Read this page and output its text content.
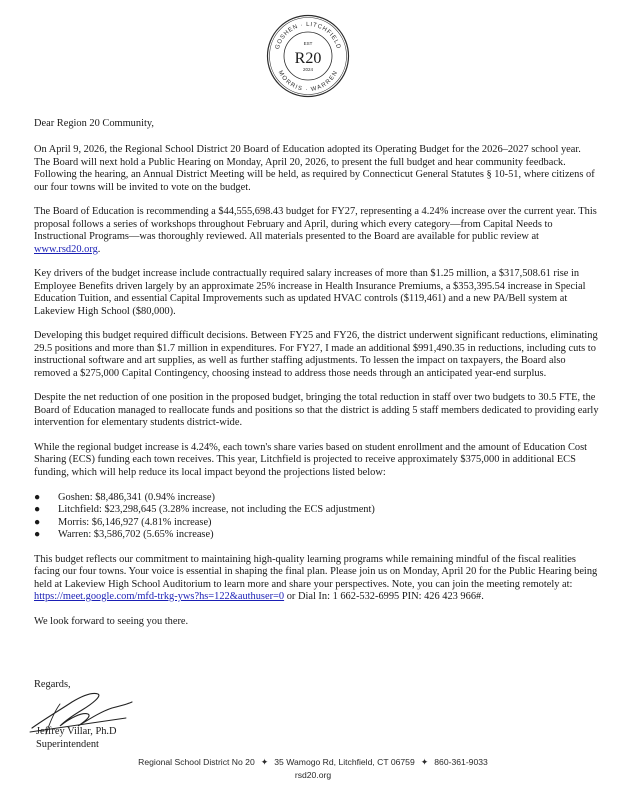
GOSHEN · LITCHFIELD
MORRIS · WARREN
EST
R20
2024
Dear Region 20 Community,

On April 9, 2026, the Regional School District 20 Board of Education adopted its Operating Budget for the 2026–2027 school year. The Board will next hold a Public Hearing on Monday, April 20, 2026, to present the full budget and hear community feedback. Following the hearing, an Annual District Meeting will be held, as required by Connecticut General Statutes § 10-51, where citizens of our four towns will be invited to vote on the budget.

The Board of Education is recommending a $44,555,698.43 budget for FY27, representing a 4.24% increase over the current year. This proposal follows a series of workshops throughout February and April, during which every category—from Capital Needs to Instructional Programs—was thoroughly reviewed. All materials presented to the Board are available for public review at www.rsd20.org.

Key drivers of the budget increase include contractually required salary increases of more than $1.25 million, a $317,508.61 rise in Employee Benefits driven largely by an approximate 25% increase in Health Insurance Premiums, a $353,395.54 increase in Special Education Tuition, and essential Capital Improvements such as updated HVAC controls ($119,461) and a new PA/Bell system at Lakeview High School ($80,000).

Developing this budget required difficult decisions. Between FY25 and FY26, the district underwent significant reductions, eliminating 29.5 positions and more than $1.7 million in expenditures. For FY27, I made an additional $991,490.35 in reductions, including cuts to instructional software and art supplies, as well as further staffing adjustments. To lessen the impact on taxpayers, the Board also removed a $275,000 Capital Contingency, choosing instead to address those needs through an anticipated year-end surplus.

Despite the net reduction of one position in the proposed budget, bringing the total reduction in staff over two budgets to 30.5 FTE, the Board of Education managed to reallocate funds and positions so that the district is adding 5 staff members dedicated to providing early intervention for elementary students district-wide.

While the regional budget increase is 4.24%, each town's share varies based on student enrollment and the amount of Education Cost Sharing (ECS) funding each town receives. This year, Litchfield is projected to receive approximately $375,000 in additional ECS funding, which will help reduce its local impact beyond the projections listed below:

● Goshen: $8,486,341 (0.94% increase)
● Litchfield: $23,298,645 (3.28% increase, not including the ECS adjustment)
● Morris: $6,146,927 (4.81% increase)
● Warren: $3,586,702 (5.65% increase)

This budget reflects our commitment to maintaining high-quality learning programs while remaining mindful of the fiscal realities facing our four towns. Your voice is essential in shaping the final plan. Please join us on Monday, April 20 for the Public Hearing being held at Lakeview High School Auditorium to learn more and share your perspectives. Note, you can join the meeting remotely at: https://meet.google.com/mfd-trkg-yws?hs=122&authuser=0 or Dial In: 1 662-532-6995 PIN: 426 423 966#.

We look forward to seeing you there.

Regards,
Jeffrey Villar, Ph.D
Superintendent
Regional School District No 20 ✦ 35 Wamogo Rd, Litchfield, CT 06759 ✦ 860-361-9033
rsd20.org
